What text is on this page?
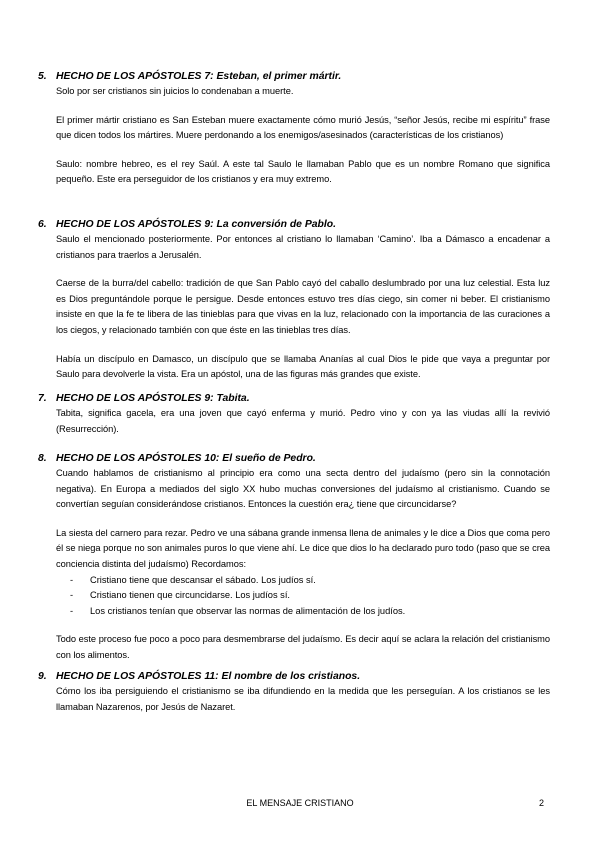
5. HECHO DE LOS APÓSTOLES 7: Esteban, el primer mártir.
Solo por ser cristianos sin juicios lo condenaban a muerte.
El primer mártir cristiano es San Esteban muere exactamente cómo murió Jesús, “señor Jesús, recibe mi espíritu” frase que dicen todos los mártires. Muere perdonando a los enemigos/asesinados (características de los cristianos)
Saulo: nombre hebreo, es el rey Saúl. A este tal Saulo le llamaban Pablo que es un nombre Romano que significa pequeño. Este era perseguidor de los cristianos y era muy extremo.
6. HECHO DE LOS APÓSTOLES 9: La conversión de Pablo.
Saulo el mencionado posteriormente. Por entonces al cristiano lo llamaban ‘Camino’. Iba a Dámasco a encadenar a cristianos para traerlos a Jerusalén.
Caerse de la burra/del cabello: tradición de que San Pablo cayó del caballo deslumbrado por una luz celestial. Esta luz es Dios preguntándole porque le persigue. Desde entonces estuvo tres días ciego, sin comer ni beber. El cristianismo insiste en que la fe te libera de las tinieblas para que vivas en la luz, relacionado con la importancia de las curaciones a los ciegos, y relacionado también con que éste en las tinieblas tres días.
Había un discípulo en Damasco, un discípulo que se llamaba Ananías al cual Dios le pide que vaya a preguntar por Saulo para devolverle la vista. Era un apóstol, una de las figuras más grandes que existe.
7. HECHO DE LOS APÓSTOLES 9: Tabita.
Tabita, significa gacela, era una joven que cayó enferma y murió. Pedro vino y con ya las viudas allí la revivió (Resurrección).
8. HECHO DE LOS APÓSTOLES 10: El sueño de Pedro.
Cuando hablamos de cristianismo al principio era como una secta dentro del judaísmo (pero sin la connotación negativa). En Europa a mediados del siglo XX hubo muchas conversiones del judaísmo al cristianismo. Cuando se convertían seguían considerándose cristianos. Entonces la cuestión era¿ tiene que circuncidarse?
La siesta del carnero para rezar. Pedro ve una sábana grande inmensa llena de animales y le dice a Dios que coma pero él se niega porque no son animales puros lo que viene ahí. Le dice que dios lo ha declarado puro todo (paso que se crea conciencia distinta del judaísmo) Recordamos:
-	Cristiano tiene que descansar el sábado. Los judíos sí.
-	Cristiano tienen que circuncidarse. Los judíos sí.
-	Los cristianos tenían que observar las normas de alimentación de los judíos.
Todo este proceso fue poco a poco para desmembrarse del judaísmo. Es decir aquí se aclara la relación del cristianismo con los alimentos.
9. HECHO DE LOS APÓSTOLES 11: El nombre de los cristianos.
Cómo los iba persiguiendo el cristianismo se iba difundiendo en la medida que les perseguían. A los cristianos se les llamaban Nazarenos, por Jesús de Nazaret.
EL MENSAJE CRISTIANO	2
